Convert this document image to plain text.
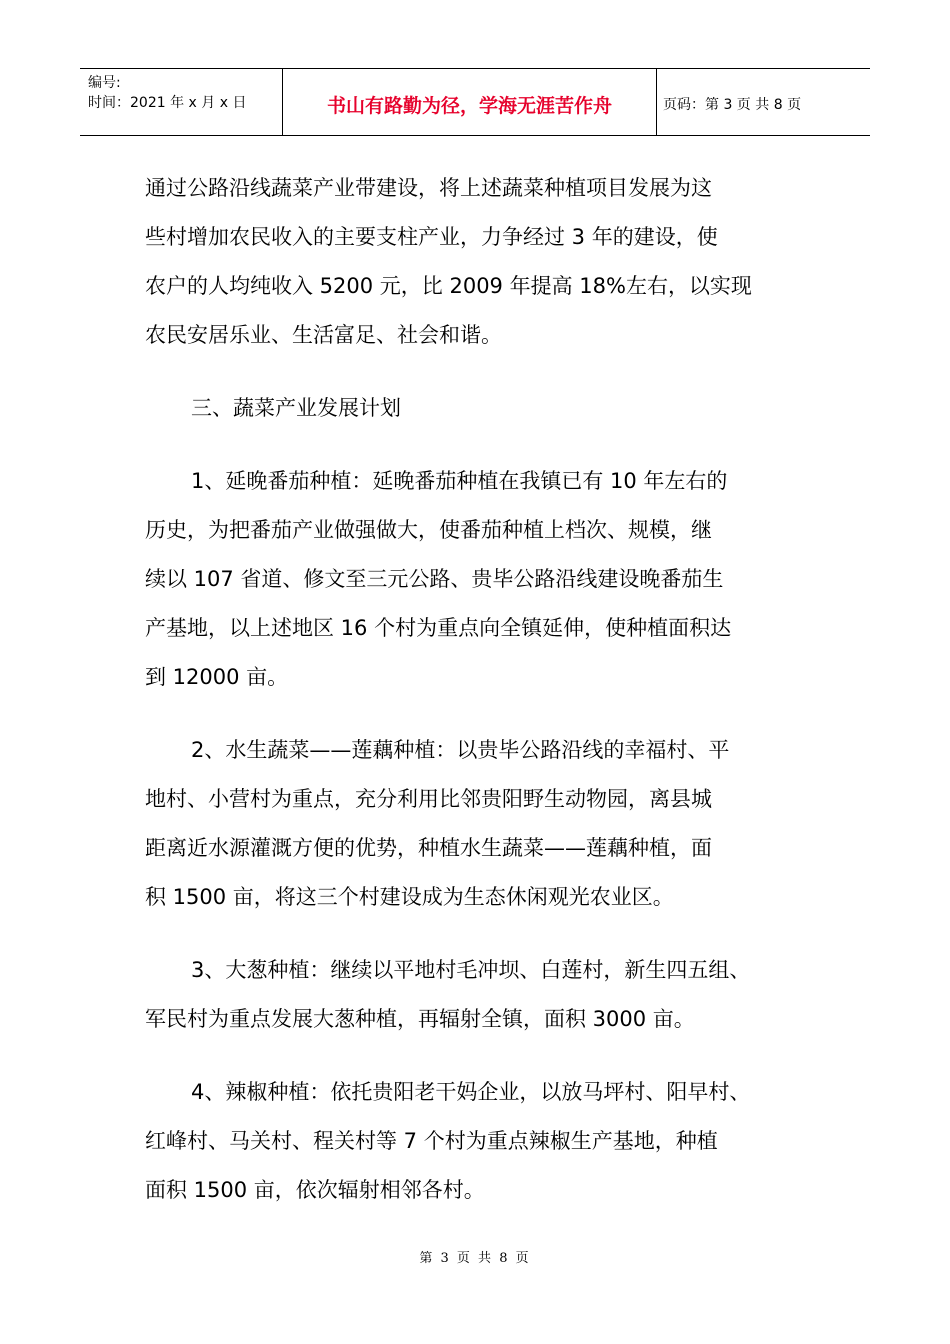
编号:
时间：2021 年 x 月 x 日	书山有路勤为径，学海无涯苦作舟	页码：第 3 页 共 8 页

通过公路沿线蔬菜产业带建设，将上述蔬菜种植项目发展为这
些村增加农民收入的主要支柱产业，力争经过 3 年的建设，使
农户的人均纯收入 5200 元，比 2009 年提高 18%左右，以实现
农民安居乐业、生活富足、社会和谐。

三、蔬菜产业发展计划

1、延晚番茄种植：延晚番茄种植在我镇已有 10 年左右的
历史，为把番茄产业做强做大，使番茄种植上档次、规模，继
续以 107 省道、修文至三元公路、贵毕公路沿线建设晚番茄生
产基地，以上述地区 16 个村为重点向全镇延伸，使种植面积达
到 12000 亩。

2、水生蔬菜——莲藕种植：以贵毕公路沿线的幸福村、平
地村、小营村为重点，充分利用比邻贵阳野生动物园，离县城
距离近水源灌溉方便的优势，种植水生蔬菜——莲藕种植，面
积 1500 亩，将这三个村建设成为生态休闲观光农业区。

3、大葱种植：继续以平地村毛冲坝、白莲村，新生四五组、
军民村为重点发展大葱种植，再辐射全镇，面积 3000 亩。

4、辣椒种植：依托贵阳老干妈企业，以放马坪村、阳早村、
红峰村、马关村、程关村等 7 个村为重点辣椒生产基地，种植
面积 1500 亩，依次辐射相邻各村。

第 3 页 共 8 页
